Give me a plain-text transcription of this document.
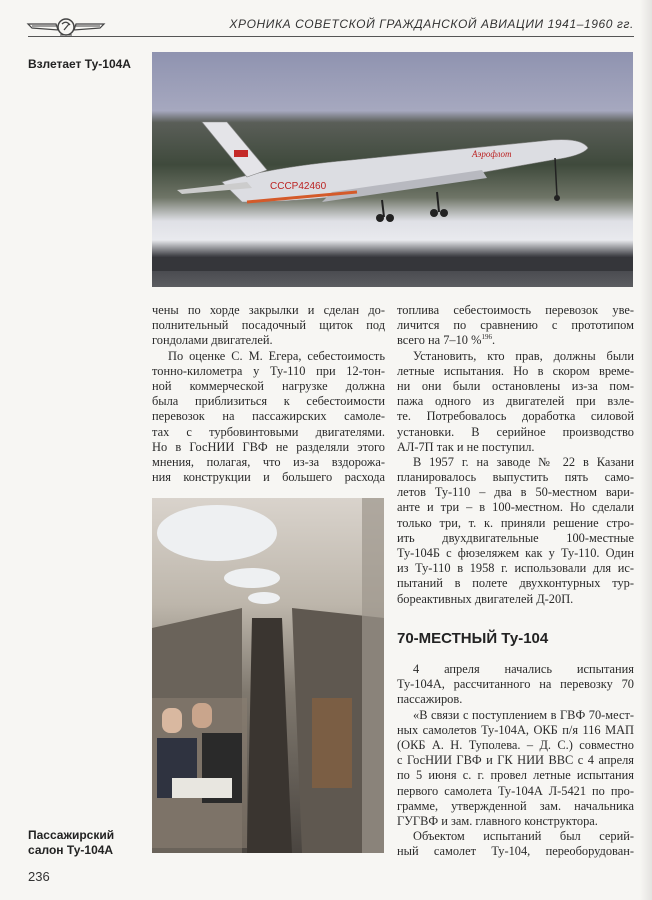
ХРОНИКА СОВЕТСКОЙ ГРАЖДАНСКОЙ АВИАЦИИ 1941–1960 гг.
Взлетает Ту-104А
СССР42460
Аэрофлот
чены по хорде закрылки и сделан до-
полнительный посадочный щиток под
гондолами двигателей.
По оценке С. М. Егера, себестоимость
тонно-километра у Ту-110 при 12-тон-
ной коммерческой нагрузке должна
была приблизиться к себестоимости
перевозок на пассажирских самоле-
тах с турбовинтовыми двигателями.
Но в ГосНИИ ГВФ не разделяли этого
мнения, полагая, что из-за вздорожа-
ния конструкции и большего расхода
топлива себестоимость перевозок уве-
личится по сравнению с прототипом
всего на 7–10 %$^{196}$.
Установить, кто прав, должны были
летные испытания. Но в скором време-
ни они были остановлены из-за пом-
пажа одного из двигателей при взле-
те. Потребовалось доработка силовой
установки. В серийное производство
АЛ-7П так и не поступил.
В 1957 г. на заводе № 22 в Казани
планировалось выпустить пять само-
летов Ту-110 – два в 50-местном вари-
анте и три – в 100-местном. Но сделали
только три, т. к. приняли решение стро-
ить двухдвигательные 100-местные
Ту-104Б с фюзеляжем как у Ту-110. Один
из Ту-110 в 1958 г. использовали для ис-
пытаний в полете двухконтурных тур-
бореактивных двигателей Д-20П.
70-МЕСТНЫЙ Ту-104
4 апреля начались испытания
Ту-104А, рассчитанного на перевозку 70
пассажиров.
«В связи с поступлением в ГВФ 70-мест-
ных самолетов Ту-104А, ОКБ п/я 116 МАП
(ОКБ А. Н. Туполева. – Д. С.) совместно
с ГосНИИ ГВФ и ГК НИИ ВВС с 4 апреля
по 5 июня с. г. провел летные испытания
первого самолета Ту-104А Л-5421 по про-
грамме, утвержденной зам. начальника
ГУГВФ и зам. главного конструктора.
Объектом испытаний был серий-
ный самолет Ту-104, переоборудован-
Пассажирский
салон Ту-104А
236
